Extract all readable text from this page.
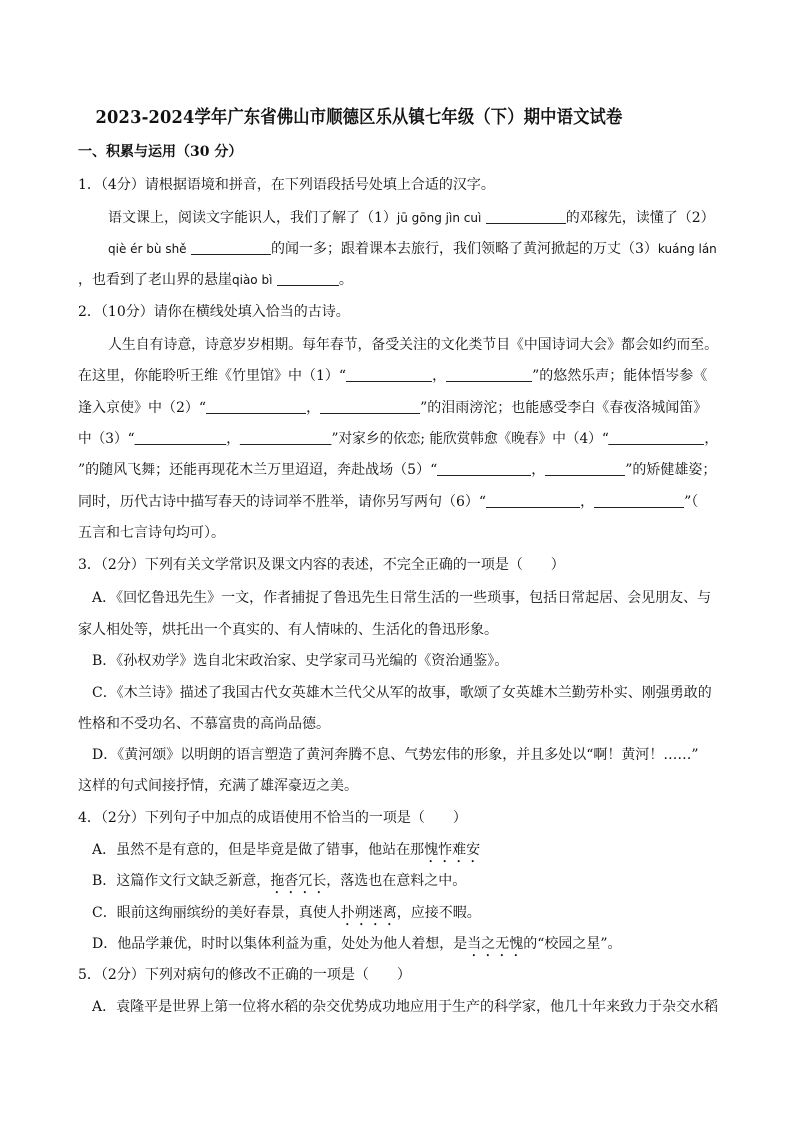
2023-2024学年广东省佛山市顺德区乐从镇七年级（下）期中语文试卷
一、积累与运用（30 分）
1．（4分）请根据语境和拼音，在下列语段括号处填上合适的汉字。
语文课上，阅读文字能识人，我们了解了（1）jū gōng jìn cuì	的邓稼先，读懂了（2）
qiè ér bù shě	的闻一多；跟着课本去旅行，我们领略了黄河掀起的万丈（3）kuáng lán
，也看到了老山界的悬崖qiào bì	。
2．（10分）请你在横线处填入恰当的古诗。
人生自有诗意，诗意岁岁相期。每年春节，备受关注的文化类节目《中国诗词大会》都会如约而至。
在这里，你能聆听王维《竹里馆》中（1）“	，	”的悠然乐声；能体悟岑参《
逢入京使》中（2）“	，	”的泪雨滂沱；也能感受李白《春夜洛城闻笛》
中（3）“	，	”对家乡的依恋; 能欣赏韩愈《晚春》中（4）“	，
”的随风飞舞；还能再现花木兰万里迢迢，奔赴战场（5）“	，	”的矫健雄姿；
同时，历代古诗中描写春天的诗词举不胜举，请你另写两句（6）“	，	”（
五言和七言诗句均可）。
3．（2分）下列有关文学常识及课文内容的表述，不完全正确的一项是（　　）
A．《回忆鲁迅先生》一文，作者捕捉了鲁迅先生日常生活的一些琐事，包括日常起居、会见朋友、与
家人相处等，烘托出一个真实的、有人情味的、生活化的鲁迅形象。
B．《孙权劝学》选自北宋政治家、史学家司马光编的《资治通鉴》。
C．《木兰诗》描述了我国古代女英雄木兰代父从军的故事，歌颂了女英雄木兰勤劳朴实、刚强勇敢的
性格和不受功名、不慕富贵的高尚品德。
D．《黄河颂》以明朗的语言塑造了黄河奔腾不息、气势宏伟的形象，并且多处以“啊！黄河！……”
这样的句式间接抒情，充满了雄浑豪迈之美。
4．（2分）下列句子中加点的成语使用不恰当的一项是（　　）
A．虽然不是有意的，但是毕竟是做了错事，他站在那愧怍难安
B．这篇作文行文缺乏新意，拖沓冗长，落选也在意料之中。
C．眼前这绚丽缤纷的美好春景，真使人扑朔迷离，应接不暇。
D．他品学兼优，时时以集体利益为重，处处为他人着想，是当之无愧的“校园之星”。
5．（2分）下列对病句的修改不正确的一项是（　　）
A．袁隆平是世界上第一位将水稻的杂交优势成功地应用于生产的科学家，他几十年来致力于杂交水稻
